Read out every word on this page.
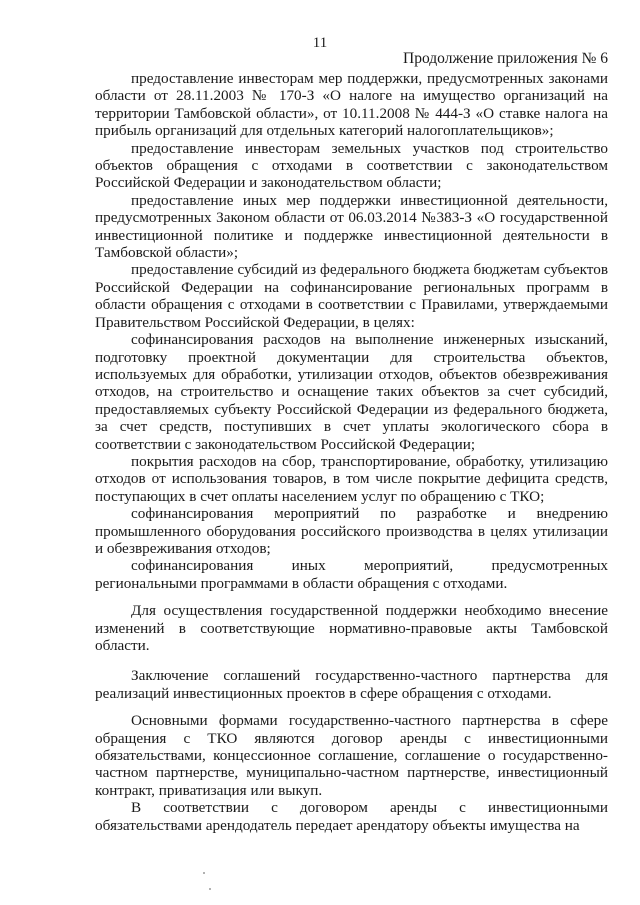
11
Продолжение приложения № 6

предоставление инвесторам мер поддержки, предусмотренных законами области от 28.11.2003 № 170-З «О налоге на имущество организаций на территории Тамбовской области», от 10.11.2008 № 444-З «О ставке налога на прибыль организаций для отдельных категорий налогоплательщиков»;

предоставление инвесторам земельных участков под строительство объектов обращения с отходами в соответствии с законодательством Российской Федерации и законодательством области;

предоставление иных мер поддержки инвестиционной деятельности, предусмотренных Законом области от 06.03.2014 №383-З «О государственной инвестиционной политике и поддержке инвестиционной деятельности в Тамбовской области»;

предоставление субсидий из федерального бюджета бюджетам субъектов Российской Федерации на софинансирование региональных программ в области обращения с отходами в соответствии с Правилами, утверждаемыми Правительством Российской Федерации, в целях:

софинансирования расходов на выполнение инженерных изысканий, подготовку проектной документации для строительства объектов, используемых для обработки, утилизации отходов, объектов обезвреживания отходов, на строительство и оснащение таких объектов за счет субсидий, предоставляемых субъекту Российской Федерации из федерального бюджета, за счет средств, поступивших в счет уплаты экологического сбора в соответствии с законодательством Российской Федерации;

покрытия расходов на сбор, транспортирование, обработку, утилизацию отходов от использования товаров, в том числе покрытие дефицита средств, поступающих в счет оплаты населением услуг по обращению с ТКО;

софинансирования мероприятий по разработке и внедрению промышленного оборудования российского производства в целях утилизации и обезвреживания отходов;

софинансирования иных мероприятий, предусмотренных региональными программами в области обращения с отходами.

Для осуществления государственной поддержки необходимо внесение изменений в соответствующие нормативно-правовые акты Тамбовской области.

Заключение соглашений государственно-частного партнерства для реализаций инвестиционных проектов в сфере обращения с отходами.

Основными формами государственно-частного партнерства в сфере обращения с ТКО являются договор аренды с инвестиционными обязательствами, концессионное соглашение, соглашение о государственно-частном партнерстве, муниципально-частном партнерстве, инвестиционный контракт, приватизация или выкуп.

В соответствии с договором аренды с инвестиционными обязательствами арендодатель передает арендатору объекты имущества на
